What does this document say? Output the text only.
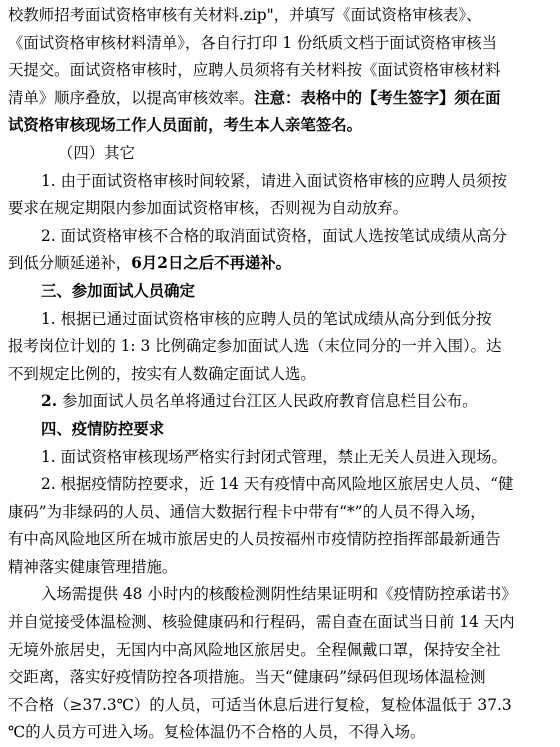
校教师招考面试资格审核有关材料.zip"，并填写《面试资格审核表》、
《面试资格审核材料清单》，各自行打印 1 份纸质文档于面试资格审核当
天提交。面试资格审核时，应聘人员须将有关材料按《面试资格审核材料
清单》顺序叠放，以提高审核效率。注意：表格中的【考生签字】须在面
试资格审核现场工作人员面前，考生本人亲笔签名。
（四）其它
1. 由于面试资格审核时间较紧，请进入面试资格审核的应聘人员须按
要求在规定期限内参加面试资格审核，否则视为自动放弃。
2. 面试资格审核不合格的取消面试资格，面试人选按笔试成绩从高分
到低分顺延递补，6月2日之后不再递补。
三、参加面试人员确定
1. 根据已通过面试资格审核的应聘人员的笔试成绩从高分到低分按
报考岗位计划的 1: 3 比例确定参加面试人选（末位同分的一并入围）。达
不到规定比例的，按实有人数确定面试人选。
2. 参加面试人员名单将通过台江区人民政府教育信息栏目公布。
四、疫情防控要求
1. 面试资格审核现场严格实行封闭式管理，禁止无关人员进入现场。
2. 根据疫情防控要求，近 14 天有疫情中高风险地区旅居史人员、“健
康码”为非绿码的人员、通信大数据行程卡中带有“*”的人员不得入场，
有中高风险地区所在城市旅居史的人员按福州市疫情防控指挥部最新通告
精神落实健康管理措施。
入场需提供 48 小时内的核酸检测阴性结果证明和《疫情防控承诺书》
并自觉接受体温检测、核验健康码和行程码，需自查在面试当日前 14 天内
无境外旅居史，无国内中高风险地区旅居史。全程佩戴口罩，保持安全社
交距离，落实好疫情防控各项措施。当天“健康码”绿码但现场体温检测
不合格（≥37.3℃）的人员，可适当休息后进行复检，复检体温低于 37.3
℃的人员方可进入场。复检体温仍不合格的人员，不得入场。
